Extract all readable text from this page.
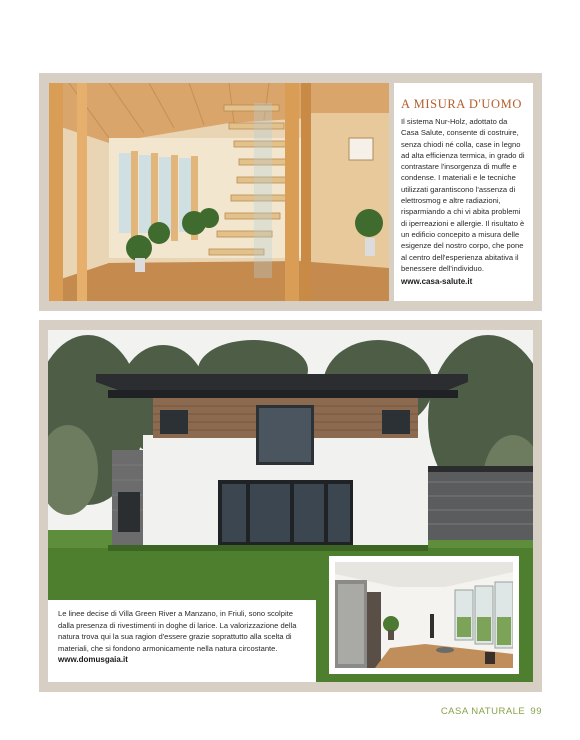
A MISURA D'UOMO

Il sistema Nur-Holz, adottato da Casa Salute, consente di costruire, senza chiodi né colla, case in legno ad alta efficienza termica, in grado di contrastare l'insorgenza di muffe e condense. I materiali e le tecniche utilizzati garantiscono l'assenza di elettrosmog e altre radiazioni, risparmiando a chi vi abita problemi di iperreazioni e allergie. Il risultato è un edificio concepito a misura delle esigenze del nostro corpo, che pone al centro dell'esperienza abitativa il benessere dell'individuo.

www.casa-salute.it

Le linee decise di Villa Green River a Manzano, in Friuli, sono scolpite dalla presenza di rivestimenti in doghe di larice. La valorizzazione della natura trova qui la sua ragion d'essere grazie soprattutto alla scelta di materiali, che si fondono armonicamente nella natura circostante.

www.domusgaia.it
CASA NATURALE 99
